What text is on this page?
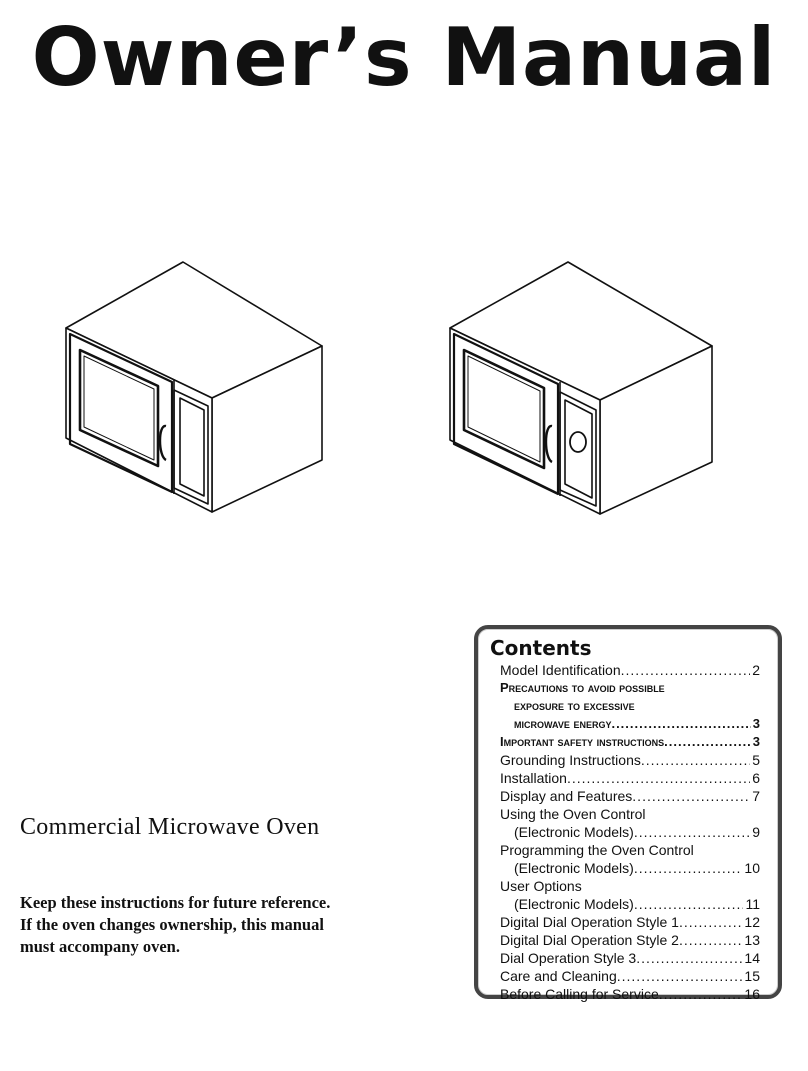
Owner’s Manual
Commercial Microwave Oven
Keep these instructions for future reference.
If the oven changes ownership, this manual
must accompany oven.
Contents
Model Identification .....	2
Precautions to avoid possible
exposure to excessive
microwave energy .....	3
Important safety instructions .....	3
Grounding Instructions .....	5
Installation .....	6
Display and Features .....	7
Using the Oven Control
(Electronic Models) .....	9
Programming the Oven Control
(Electronic Models) .....	10
User Options
(Electronic Models) .....	11
Digital Dial Operation Style 1 .....	12
Digital Dial Operation Style 2 .....	13
Dial Operation Style 3 .....	14
Care and Cleaning .....	15
Before Calling for Service .....	16
